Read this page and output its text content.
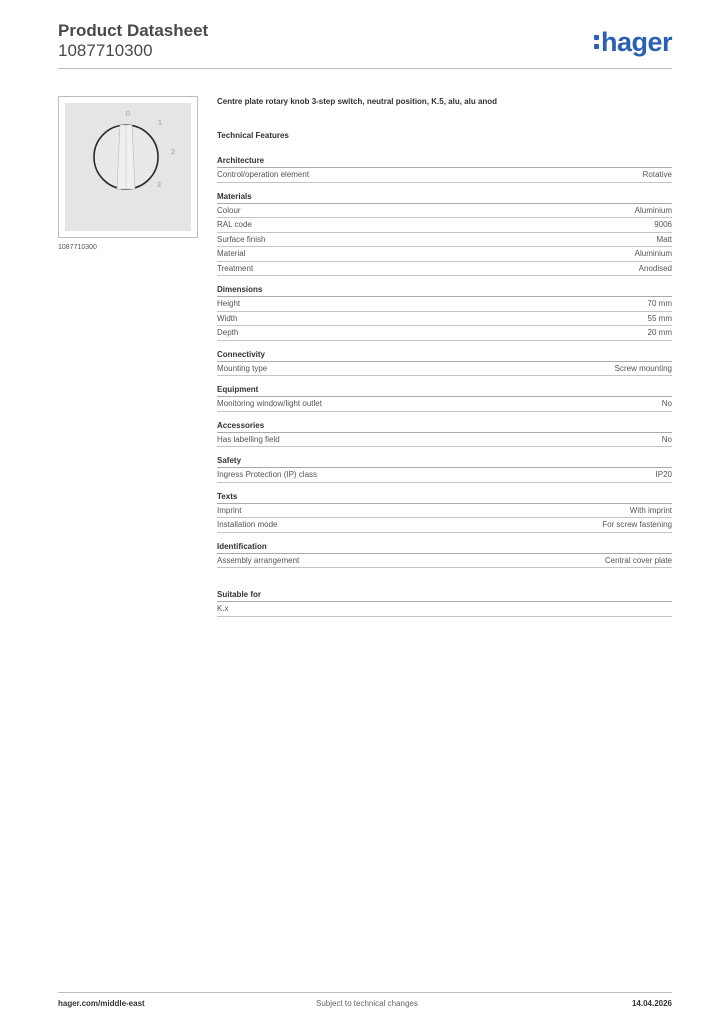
Product Datasheet
1087710300	hager
0
1
2
3
1087710300
Centre plate rotary knob 3-step switch, neutral position, K.5, alu, alu anod
Technical Features
Architecture
Control/operation element	Rotative
Materials
Colour	Aluminium
RAL code	9006
Surface finish	Matt
Material	Aluminium
Treatment	Anodised
Dimensions
Height	70 mm
Width	55 mm
Depth	20 mm
Connectivity
Mounting type	Screw mounting
Equipment
Monitoring window/light outlet	No
Accessories
Has labelling field	No
Safety
Ingress Protection (IP) class	IP20
Texts
Imprint	With imprint
Installation mode	For screw fastening
Identification
Assembly arrangement	Central cover plate
Suitable for
K.x
hager.com/middle-east	Subject to technical changes	14.04.2026
